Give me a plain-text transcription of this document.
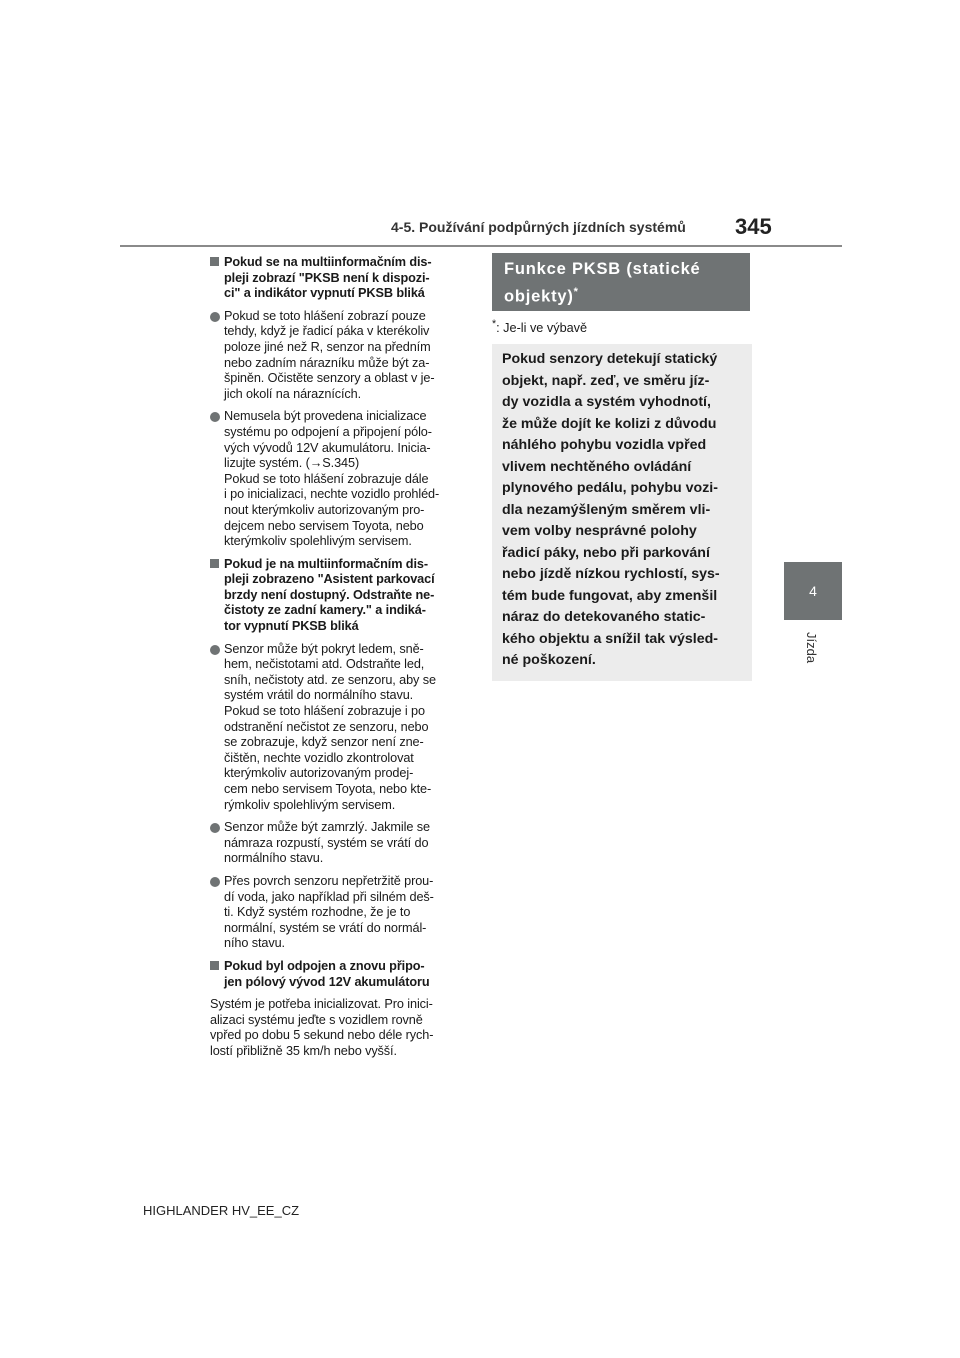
4-5. Používání podpůrných jízdních systémů 345
4
Jízda
Pokud se na multiinformačním dis-
pleji zobrazí "PKSB není k dispozi-
ci" a indikátor vypnutí PKSB bliká
Pokud se toto hlášení zobrazí pouze
tehdy, když je řadicí páka v kterékoliv
poloze jiné než R, senzor na předním
nebo zadním nárazníku může být za-
špiněn. Očistěte senzory a oblast v je-
jich okolí na náraznících.
Nemusela být provedena inicializace
systému po odpojení a připojení pólo-
vých vývodů 12V akumulátoru. Inicia-
lizujte systém. (→S.345)
Pokud se toto hlášení zobrazuje dále
i po inicializaci, nechte vozidlo prohléd-
nout kterýmkoliv autorizovaným pro-
dejcem nebo servisem Toyota, nebo
kterýmkoliv spolehlivým servisem.
Pokud je na multiinformačním dis-
pleji zobrazeno "Asistent parkovací
brzdy není dostupný. Odstraňte ne-
čistoty ze zadní kamery." a indiká-
tor vypnutí PKSB bliká
Senzor může být pokryt ledem, sně-
hem, nečistotami atd. Odstraňte led,
sníh, nečistoty atd. ze senzoru, aby se
systém vrátil do normálního stavu.
Pokud se toto hlášení zobrazuje i po
odstranění nečistot ze senzoru, nebo
se zobrazuje, když senzor není zne-
čištěn, nechte vozidlo zkontrolovat
kterýmkoliv autorizovaným prodej-
cem nebo servisem Toyota, nebo kte-
rýmkoliv spolehlivým servisem.
Senzor může být zamrzlý. Jakmile se
námraza rozpustí, systém se vrátí do
normálního stavu.
Přes povrch senzoru nepřetržitě prou-
dí voda, jako například při silném deš-
ti. Když systém rozhodne, že je to
normální, systém se vrátí do normál-
ního stavu.
Pokud byl odpojen a znovu připo-
jen pólový vývod 12V akumulátoru
Systém je potřeba inicializovat. Pro inici-
alizaci systému jeďte s vozidlem rovně
vpřed po dobu 5 sekund nebo déle rych-
lostí přibližně 35 km/h nebo vyšší.
Funkce PKSB (statické
objekty)*
*: Je-li ve výbavě
Pokud senzory detekují statický
objekt, např. zeď, ve směru jíz-
dy vozidla a systém vyhodnotí,
že může dojít ke kolizi z důvodu
náhlého pohybu vozidla vpřed
vlivem nechtěného ovládání
plynového pedálu, pohybu vozi-
dla nezamýšleným směrem vli-
vem volby nesprávné polohy
řadicí páky, nebo při parkování
nebo jízdě nízkou rychlostí, sys-
tém bude fungovat, aby zmenšil
náraz do detekovaného static-
kého objektu a snížil tak výsled-
né poškození.

HIGHLANDER HV_EE_CZ
